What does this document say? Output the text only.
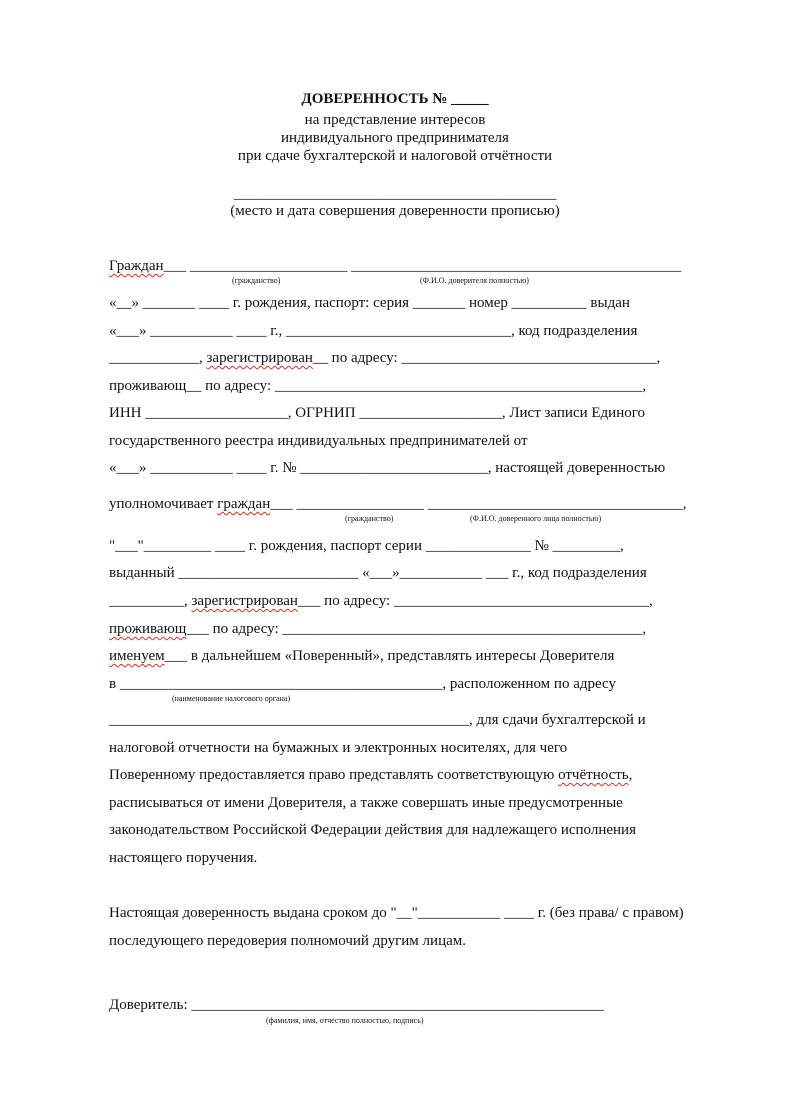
ДОВЕРЕННОСТЬ № _____
на представление интересов
индивидуального предпринимателя
при сдаче бухгалтерской и налоговой отчётности
___________________________________________
(место и дата совершения доверенности прописью)
Граждан___ _____________________ ____________________________________________
(гражданство)	(Ф.И.О. доверителя полностью)
«__» _______ ____ г. рождения, паспорт: серия _______ номер __________ выдан
«___» ___________ ____ г., ______________________________, код подразделения
____________, зарегистрирован__ по адресу: __________________________________,
проживающ__ по адресу: _________________________________________________,
ИНН ___________________, ОГРНИП ___________________, Лист записи Единого
государственного реестра индивидуальных предпринимателей от
«___» ___________ ____ г. № _________________________, настоящей доверенностью
уполномочивает граждан___ _________________ __________________________________,
(гражданство)	(Ф.И.О. доверенного лица полностью)
"___"_________ ____ г. рождения, паспорт серии ______________ № _________,
выданный ________________________ «___»___________ ___ г., код подразделения
__________, зарегистрирован___ по адресу: __________________________________,
проживающ___ по адресу: ________________________________________________,
именуем___ в дальнейшем «Поверенный», представлять интересы Доверителя
в ___________________________________________, расположенном по адресу
(наименование налогового органа)
________________________________________________, для сдачи бухгалтерской и
налоговой отчетности на бумажных и электронных носителях, для чего
Поверенному предоставляется право представлять соответствующую отчётность,
расписываться от имени Доверителя, а также совершать иные предусмотренные
законодательством Российской Федерации действия для надлежащего исполнения
настоящего поручения.
Настоящая доверенность выдана сроком до "__"___________ ____ г. (без права/ с правом)
последующего передоверия полномочий другим лицам.
Доверитель: _______________________________________________________
(фамилия, имя, отчество полностью, подпись)
